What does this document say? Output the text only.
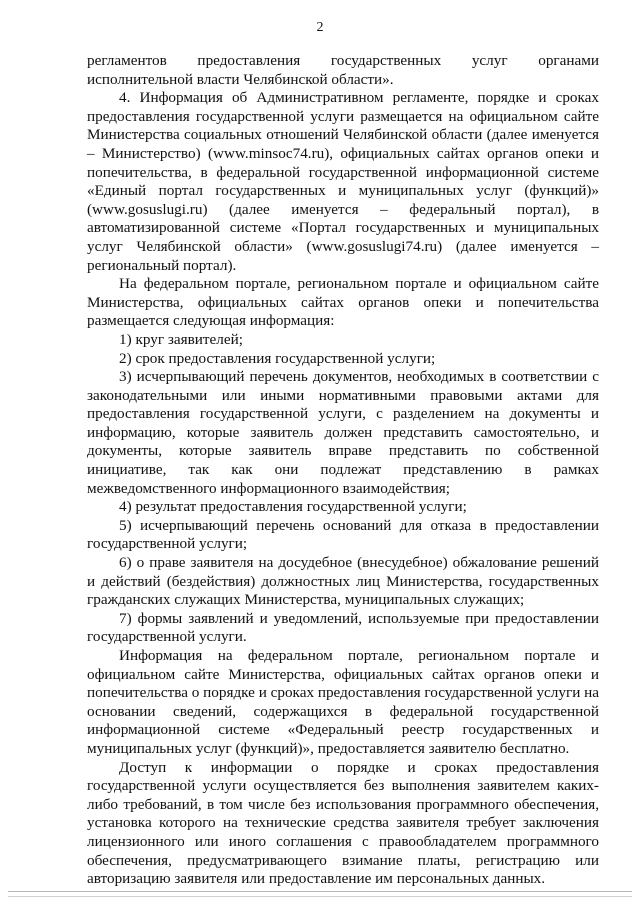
2

регламентов предоставления государственных услуг органами исполнительной власти Челябинской области».

4. Информация об Административном регламенте, порядке и сроках предоставления государственной услуги размещается на официальном сайте Министерства социальных отношений Челябинской области (далее именуется – Министерство) (www.minsoc74.ru), официальных сайтах органов опеки и попечительства, в федеральной государственной информационной системе «Единый портал государственных и муниципальных услуг (функций)» (www.gosuslugi.ru) (далее именуется – федеральный портал), в автоматизированной системе «Портал государственных и муниципальных услуг Челябинской области» (www.gosuslugi74.ru) (далее именуется – региональный портал).

На федеральном портале, региональном портале и официальном сайте Министерства, официальных сайтах органов опеки и попечительства размещается следующая информация:

1) круг заявителей;

2) срок предоставления государственной услуги;

3) исчерпывающий перечень документов, необходимых в соответствии с законодательными или иными нормативными правовыми актами для предоставления государственной услуги, с разделением на документы и информацию, которые заявитель должен представить самостоятельно, и документы, которые заявитель вправе представить по собственной инициативе, так как они подлежат представлению в рамках межведомственного информационного взаимодействия;

4) результат предоставления государственной услуги;

5) исчерпывающий перечень оснований для отказа в предоставлении государственной услуги;

6) о праве заявителя на досудебное (внесудебное) обжалование решений и действий (бездействия) должностных лиц Министерства, государственных гражданских служащих Министерства, муниципальных служащих;

7) формы заявлений и уведомлений, используемые при предоставлении государственной услуги.

Информация на федеральном портале, региональном портале и официальном сайте Министерства, официальных сайтах органов опеки и попечительства о порядке и сроках предоставления государственной услуги на основании сведений, содержащихся в федеральной государственной информационной системе «Федеральный реестр государственных и муниципальных услуг (функций)», предоставляется заявителю бесплатно.

Доступ к информации о порядке и сроках предоставления государственной услуги осуществляется без выполнения заявителем каких-либо требований, в том числе без использования программного обеспечения, установка которого на технические средства заявителя требует заключения лицензионного или иного соглашения с правообладателем программного обеспечения, предусматривающего взимание платы, регистрацию или авторизацию заявителя или предоставление им персональных данных.
